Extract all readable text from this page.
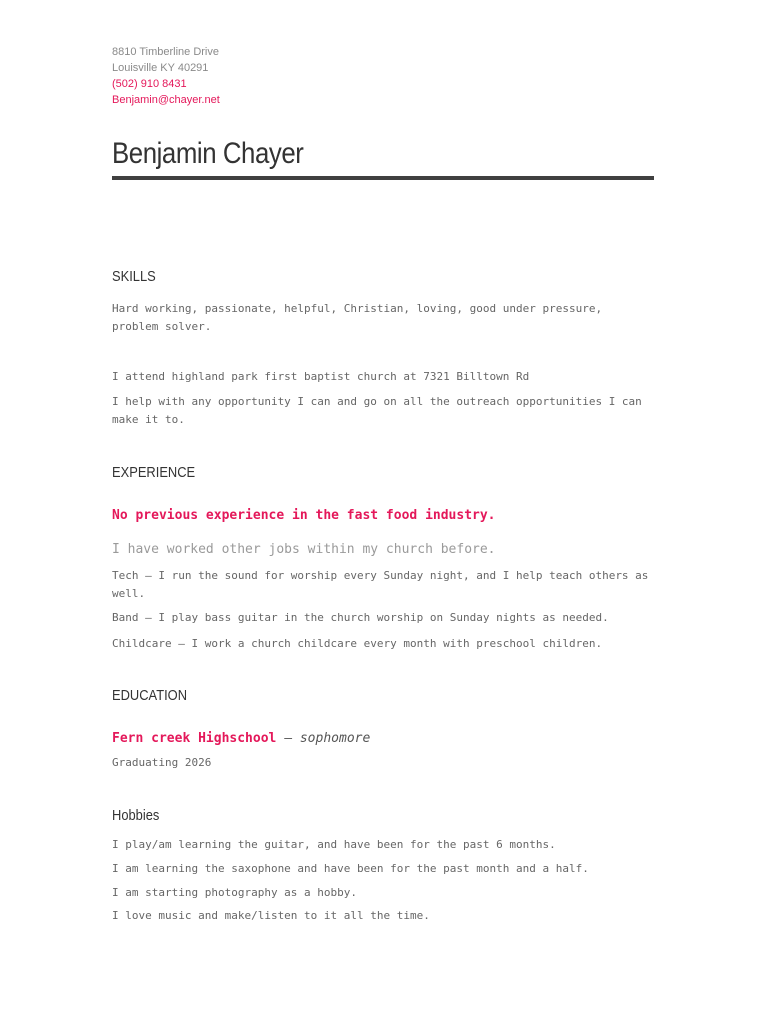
8810 Timberline Drive
Louisville KY 40291
(502) 910 8431
Benjamin@chayer.net
Benjamin Chayer
SKILLS
Hard working, passionate, helpful, Christian, loving, good under pressure, problem solver.
I attend highland park first baptist church at 7321 Billtown Rd
I help with any opportunity I can and go on all the outreach opportunities I can make it to.
EXPERIENCE
No previous experience in the fast food industry.
I have worked other jobs within my church before.
Tech – I run the sound for worship every Sunday night, and I help teach others as well.
Band – I play bass guitar in the church worship on Sunday nights as needed.
Childcare – I work a church childcare every month with preschool children.
EDUCATION
Fern creek Highschool — sophomore
Graduating 2026
Hobbies
I play/am learning the guitar, and have been for the past 6 months.
I am learning the saxophone and have been for the past month and a half.
I am starting photography as a hobby.
I love music and make/listen to it all the time.
